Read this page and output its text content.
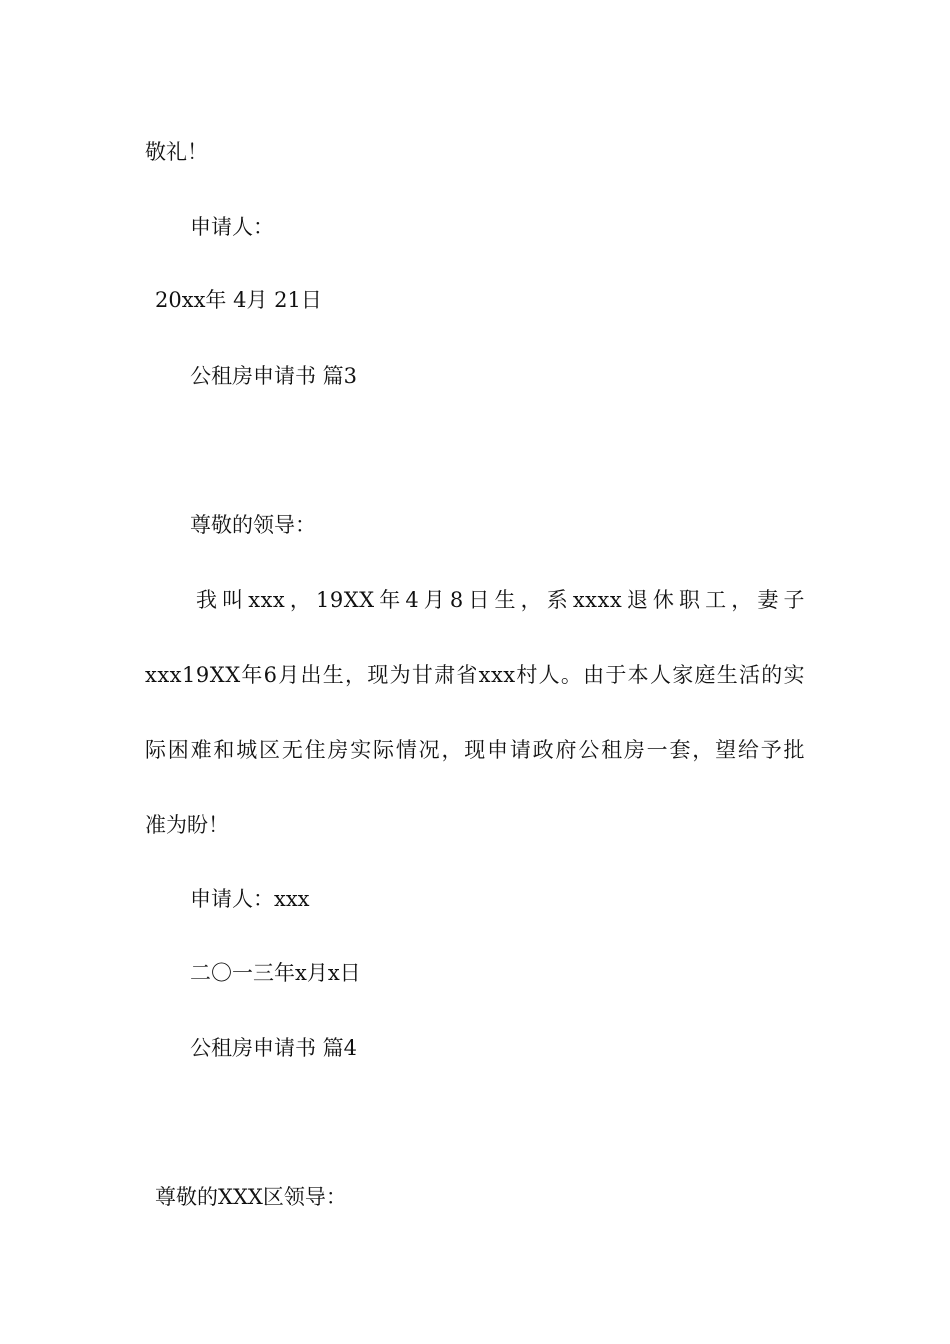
敬礼！

申请人：

20xx年 4月 21日

公租房申请书 篇3

尊敬的领导：

我叫xxx，19XX年4月8日生，系xxxx退休职工，妻子

xxx19XX年6月出生，现为甘肃省xxx村人。由于本人家庭生活的实

际困难和城区无住房实际情况，现申请政府公租房一套，望给予批

准为盼！

申请人：xxx

二〇一三年x月x日

公租房申请书 篇4

尊敬的XXX区领导：
